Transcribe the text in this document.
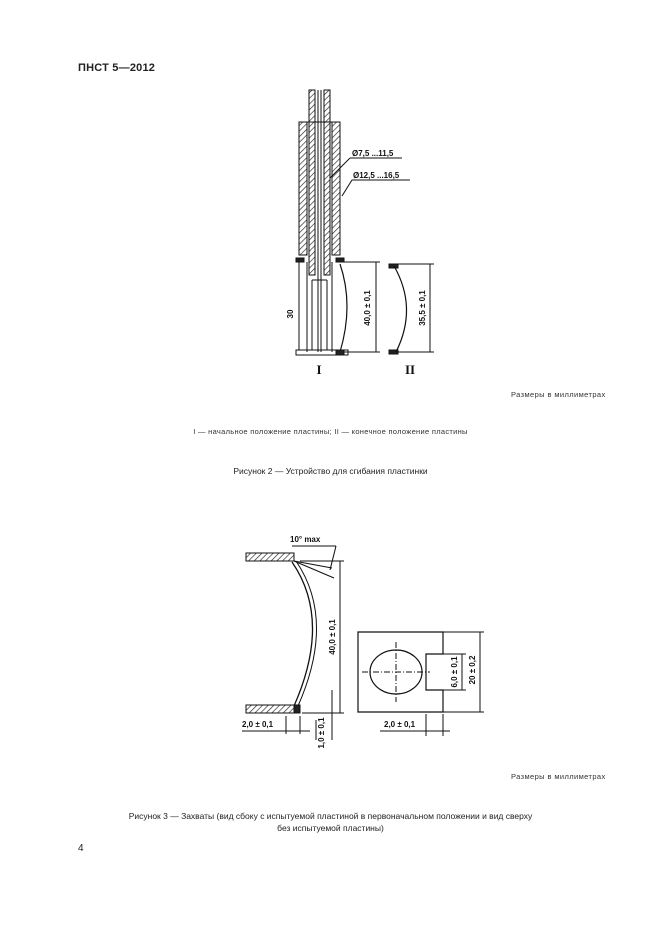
ПНСТ 5—2012
Ø7,5 ...11,5
Ø12,5 ...16,5
30	40,0 ± 0,1	35,5 ± 0,1
I	II
10° max
40,0 ± 0,1
2,0 ± 0,1	1,0 ± 0,1
6,0 ± 0,1 20 ± 0,2
2,0 ± 0,1
Размеры в миллиметрах
I — начальное положение пластины; II — конечное положение пластины
Рисунок 2 — Устройство для сгибания пластинки
Размеры в миллиметрах
Рисунок 3 — Захваты (вид сбоку с испытуемой пластиной в первоначальном положении и вид сверху
без испытуемой пластины)
4
